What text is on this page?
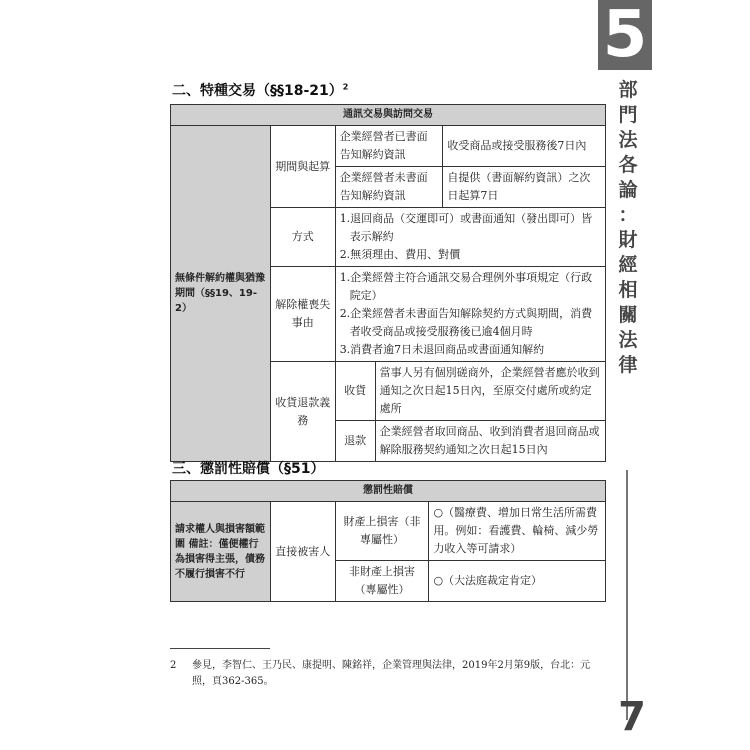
5
部
門
法
各
論
：
財
經
相
關
法
律
7
二、特種交易（§§18-21）$^2$
通訊交易與訪問交易				
無條件解約權與猶豫期間（§§19、19-2）	期間與起算	企業經營者已書面告知解約資訊		收受商品或接受服務後7日內
		企業經營者未書面告知解約資訊		自提供（書面解約資訊）之次日起算7日
	方式	1.退回商品（交運即可）或書面通知（發出即可）皆表示解約
2.無須理由、費用、對價		

	解除權喪失事由	1.企業經營主符合通訊交易合理例外事項規定（行政院定）
2.企業經營者未書面告知解除契約方式與期間，消費者收受商品或接受服務後已逾4個月時
3.消費者逾7日未退回商品或書面通知解約		

	收貨退款義務	收貨	當事人另有個別磋商外，企業經營者應於收到通知之次日起15日內，至原交付處所或約定處所	
		退款	企業經營者取回商品、收到消費者退回商品或解除服務契約通知之次日起15日內	
三、懲罰性賠償（§51）
懲罰性賠償			
請求權人與損害額範圍 備註：僅便權行為損害得主張，債務不履行損害不行	直接被害人	財產上損害（非專屬性）	○（醫療費、增加日常生活所需費用。例如：看護費、輪椅、減少勞力收入等可請求）
		非財產上損害（專屬性）	○（大法庭裁定肯定）
2 參見，李智仁、王乃民、康提明、陳銘祥，企業管理與法律，2019年2月第9版，台北：元照，頁362-365。
